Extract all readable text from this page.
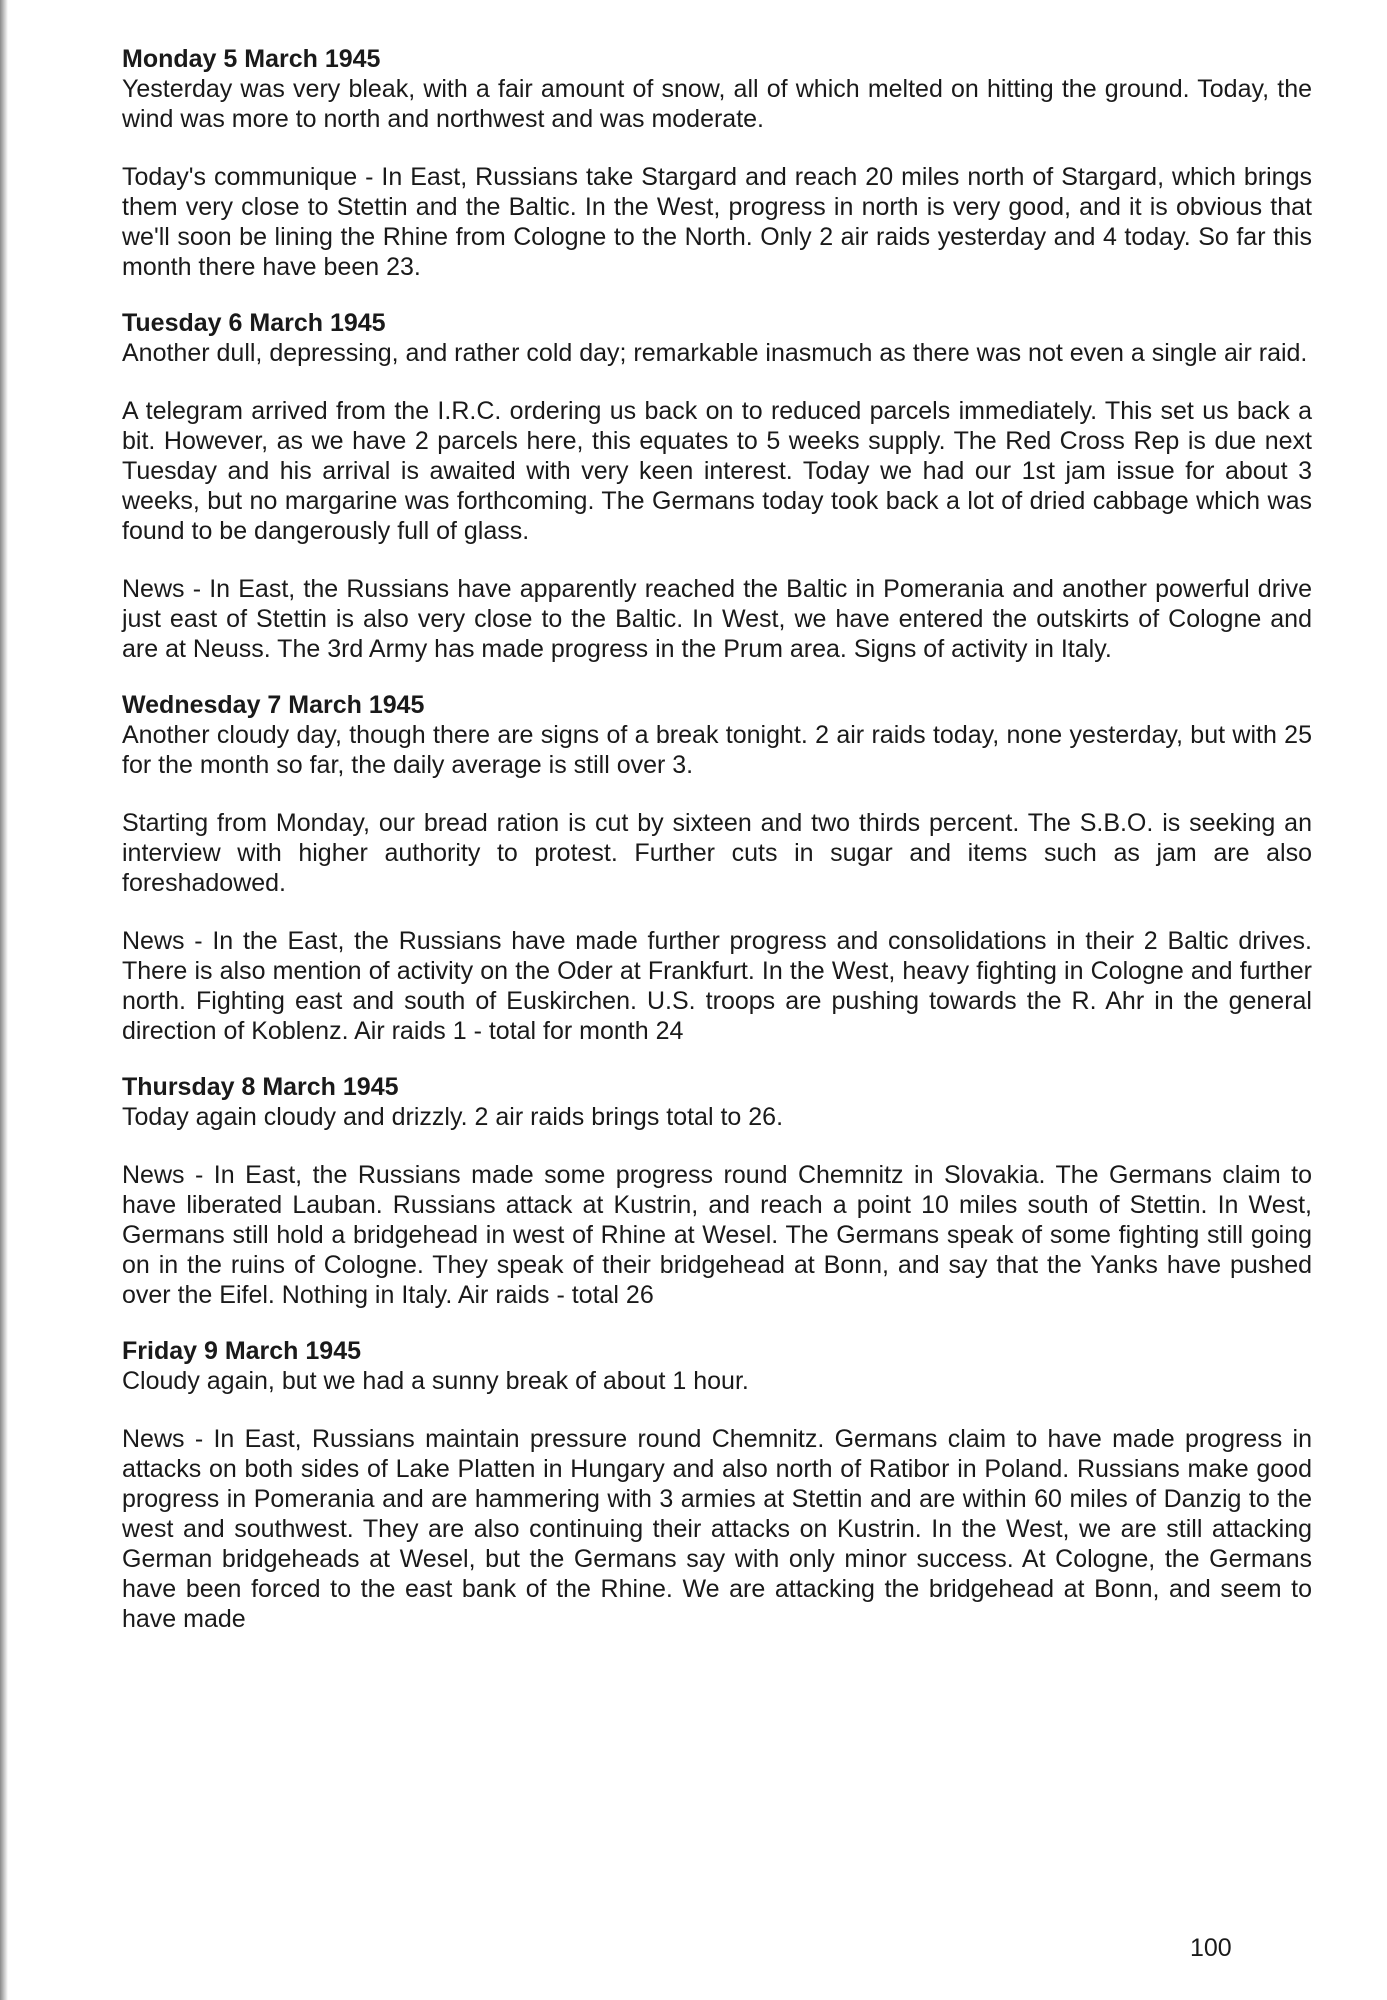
Monday 5 March 1945

Yesterday was very bleak, with a fair amount of snow, all of which melted on hitting the ground. Today, the wind was more to north and northwest and was moderate.

Today's communique - In East, Russians take Stargard and reach 20 miles north of Stargard, which brings them very close to Stettin and the Baltic. In the West, progress in north is very good, and it is obvious that we'll soon be lining the Rhine from Cologne to the North. Only 2 air raids yesterday and 4 today. So far this month there have been 23.

Tuesday 6 March 1945

Another dull, depressing, and rather cold day; remarkable inasmuch as there was not even a single air raid.

A telegram arrived from the I.R.C. ordering us back on to reduced parcels immediately. This set us back a bit. However, as we have 2 parcels here, this equates to 5 weeks supply. The Red Cross Rep is due next Tuesday and his arrival is awaited with very keen interest. Today we had our 1st jam issue for about 3 weeks, but no margarine was forthcoming. The Germans today took back a lot of dried cabbage which was found to be dangerously full of glass.

News - In East, the Russians have apparently reached the Baltic in Pomerania and another powerful drive just east of Stettin is also very close to the Baltic. In West, we have entered the outskirts of Cologne and are at Neuss. The 3rd Army has made progress in the Prum area. Signs of activity in Italy.

Wednesday 7 March 1945

Another cloudy day, though there are signs of a break tonight. 2 air raids today, none yesterday, but with 25 for the month so far, the daily average is still over 3.

Starting from Monday, our bread ration is cut by sixteen and two thirds percent. The S.B.O. is seeking an interview with higher authority to protest. Further cuts in sugar and items such as jam are also foreshadowed.

News - In the East, the Russians have made further progress and consolidations in their 2 Baltic drives. There is also mention of activity on the Oder at Frankfurt. In the West, heavy fighting in Cologne and further north. Fighting east and south of Euskirchen. U.S. troops are pushing towards the R. Ahr in the general direction of Koblenz. Air raids 1 - total for month 24

Thursday 8 March 1945

Today again cloudy and drizzly. 2 air raids brings total to 26.

News - In East, the Russians made some progress round Chemnitz in Slovakia. The Germans claim to have liberated Lauban. Russians attack at Kustrin, and reach a point 10 miles south of Stettin. In West, Germans still hold a bridgehead in west of Rhine at Wesel. The Germans speak of some fighting still going on in the ruins of Cologne. They speak of their bridgehead at Bonn, and say that the Yanks have pushed over the Eifel. Nothing in Italy. Air raids - total 26

Friday 9 March 1945

Cloudy again, but we had a sunny break of about 1 hour.

News - In East, Russians maintain pressure round Chemnitz. Germans claim to have made progress in attacks on both sides of Lake Platten in Hungary and also north of Ratibor in Poland. Russians make good progress in Pomerania and are hammering with 3 armies at Stettin and are within 60 miles of Danzig to the west and southwest. They are also continuing their attacks on Kustrin. In the West, we are still attacking German bridgeheads at Wesel, but the Germans say with only minor success. At Cologne, the Germans have been forced to the east bank of the Rhine. We are attacking the bridgehead at Bonn, and seem to have made

100
